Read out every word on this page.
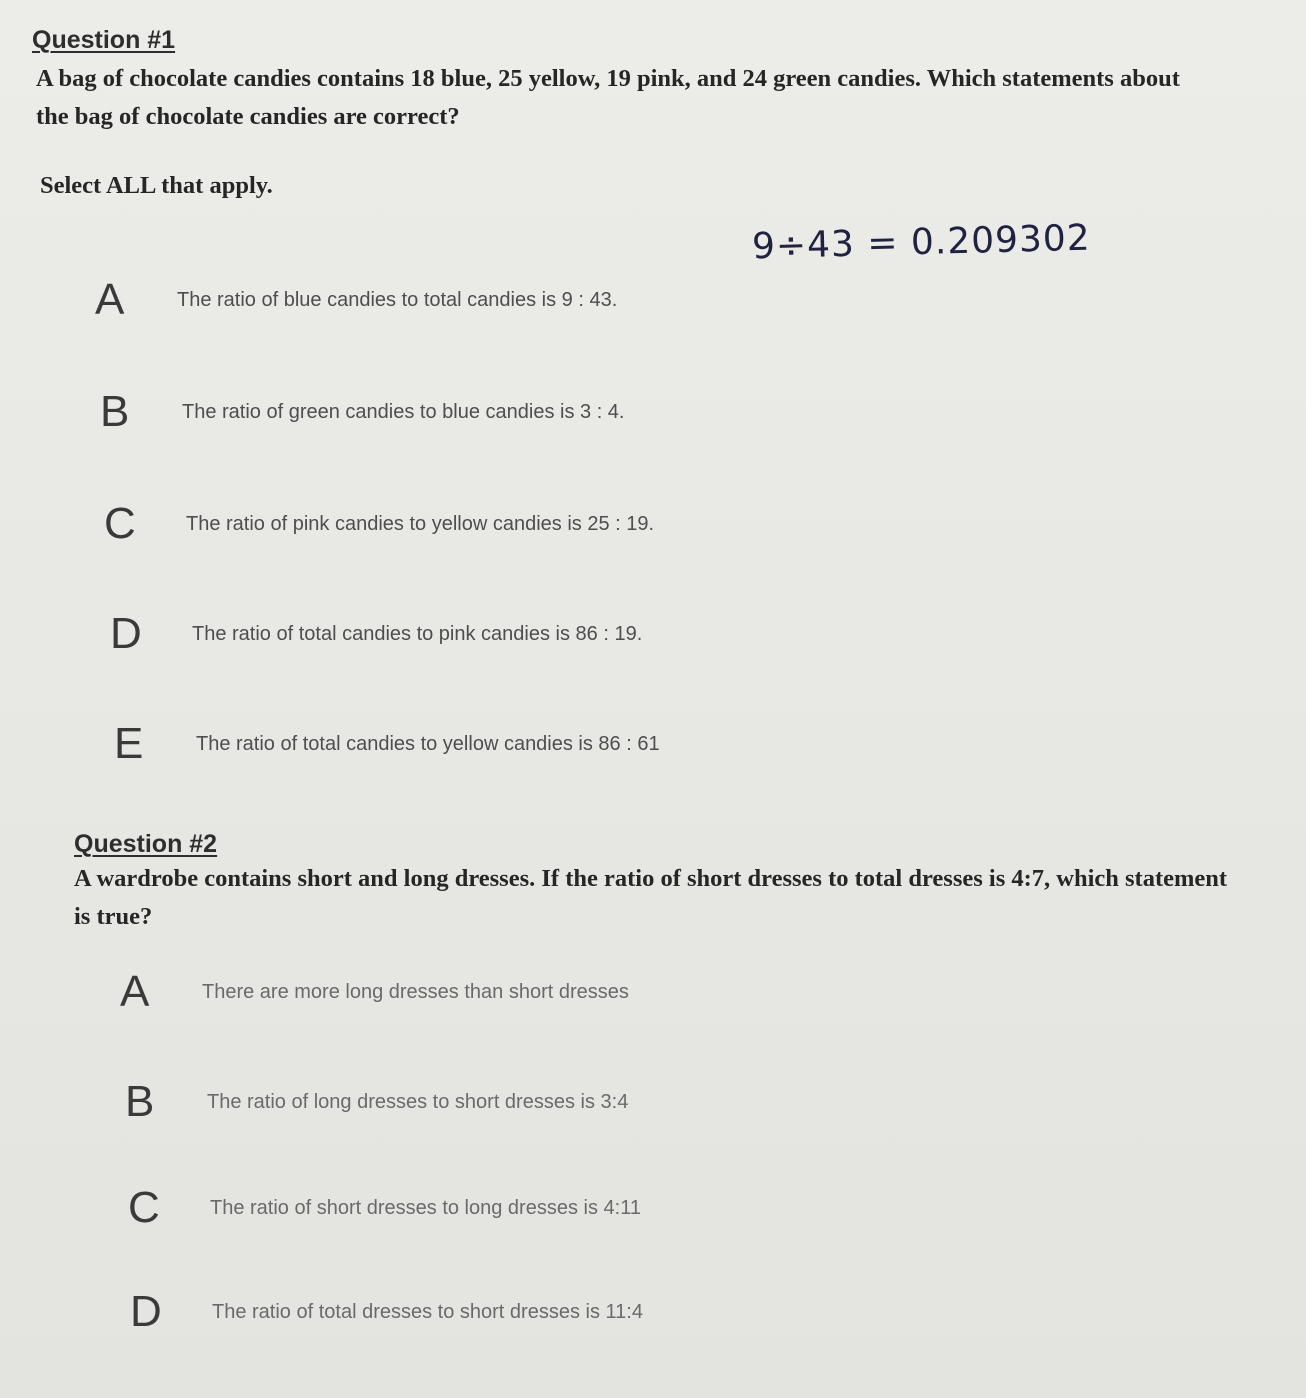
Question #1

A bag of chocolate candies contains 18 blue, 25 yellow, 19 pink, and 24 green candies. Which statements about the bag of chocolate candies are correct?

Select ALL that apply.

9÷43 = 0.209302
A	The ratio of blue candies to total candies is 9 : 43.
B	The ratio of green candies to blue candies is 3 : 4.
C	The ratio of pink candies to yellow candies is 25 : 19.
D	The ratio of total candies to pink candies is 86 : 19.
E	The ratio of total candies to yellow candies is 86 : 61
Question #2

A wardrobe contains short and long dresses. If the ratio of short dresses to total dresses is 4:7, which statement is true?

A	There are more long dresses than short dresses
B	The ratio of long dresses to short dresses is 3:4
C	The ratio of short dresses to long dresses is 4:11
D	The ratio of total dresses to short dresses is 11:4
